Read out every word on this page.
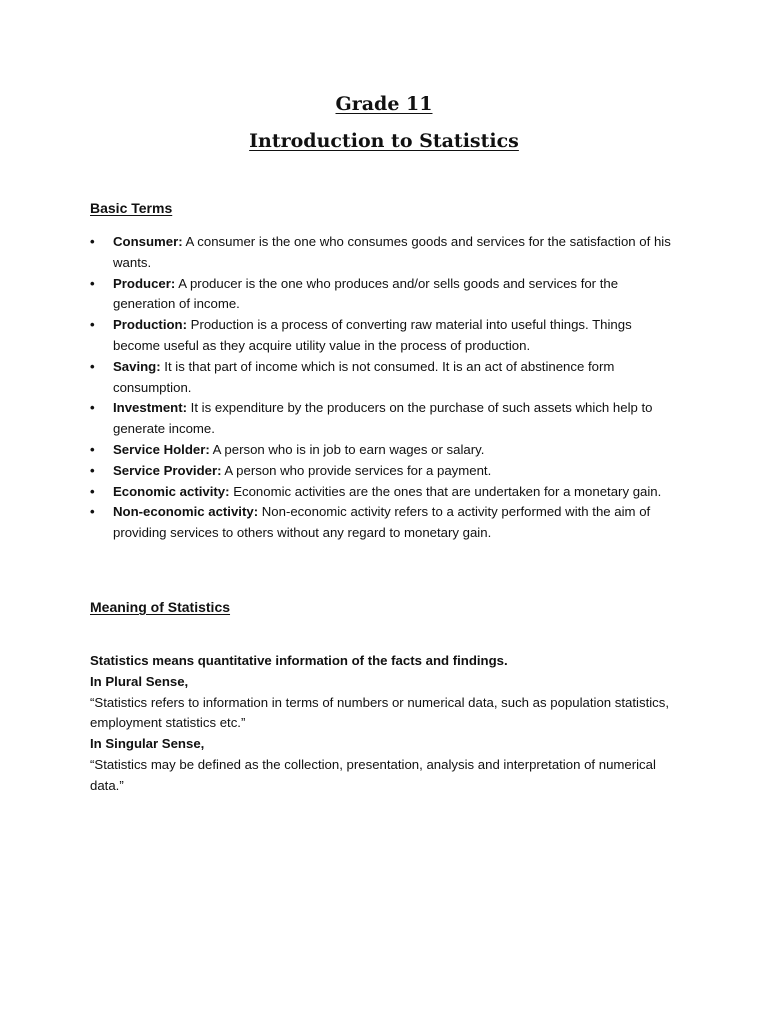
Grade 11
Introduction to Statistics
Basic Terms
• Consumer: A consumer is the one who consumes goods and services for the satisfaction of his wants.
• Producer: A producer is the one who produces and/or sells goods and services for the generation of income.
• Production: Production is a process of converting raw material into useful things. Things become useful as they acquire utility value in the process of production.
• Saving: It is that part of income which is not consumed. It is an act of abstinence form consumption.
• Investment: It is expenditure by the producers on the purchase of such assets which help to generate income.
• Service Holder: A person who is in job to earn wages or salary.
• Service Provider: A person who provide services for a payment.
• Economic activity: Economic activities are the ones that are undertaken for a monetary gain.
• Non-economic activity: Non-economic activity refers to a activity performed with the aim of providing services to others without any regard to monetary gain.
Meaning of Statistics

Statistics means quantitative information of the facts and findings.

In Plural Sense,

“Statistics refers to information in terms of numbers or numerical data, such as population statistics, employment statistics etc.”

In Singular Sense,

“Statistics may be defined as the collection, presentation, analysis and interpretation of numerical data.”
